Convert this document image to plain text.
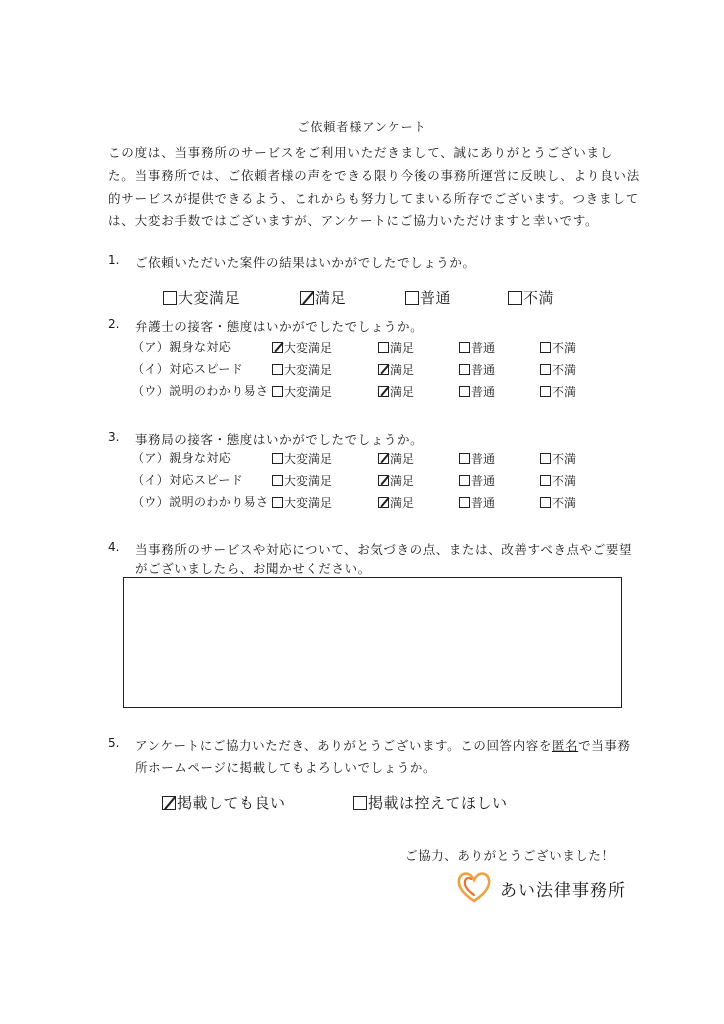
ご依頼者様アンケート
この度は、当事務所のサービスをご利用いただきまして、誠にありがとうございまし
た。当事務所では、ご依頼者様の声をできる限り今後の事務所運営に反映し、より良い法
的サービスが提供できるよう、これからも努力してまいる所存でございます。つきまして
は、大変お手数ではございますが、アンケートにご協力いただけますと幸いです。
1. ご依頼いただいた案件の結果はいかがでしたでしょうか。
大変満足	満足	普通	不満
2. 弁護士の接客・態度はいかがでしたでしょうか。
（ア）親身な対応	大変満足	満足	普通	不満
（イ）対応スピード	大変満足	満足	普通	不満
（ウ）説明のわかり易さ 大変満足	満足	普通	不満
3. 事務局の接客・態度はいかがでしたでしょうか。
（ア）親身な対応	大変満足	満足	普通	不満
（イ）対応スピード	大変満足	満足	普通	不満
（ウ）説明のわかり易さ 大変満足	満足	普通	不満
4. 当事務所のサービスや対応について、お気づきの点、または、改善すべき点やご要望
がございましたら、お聞かせください。
5. アンケートにご協力いただき、ありがとうございます。この回答内容を匿名で当事務
所ホームページに掲載してもよろしいでしょうか。
掲載しても良い	掲載は控えてほしい
ご協力、ありがとうございました！
あい法律事務所
